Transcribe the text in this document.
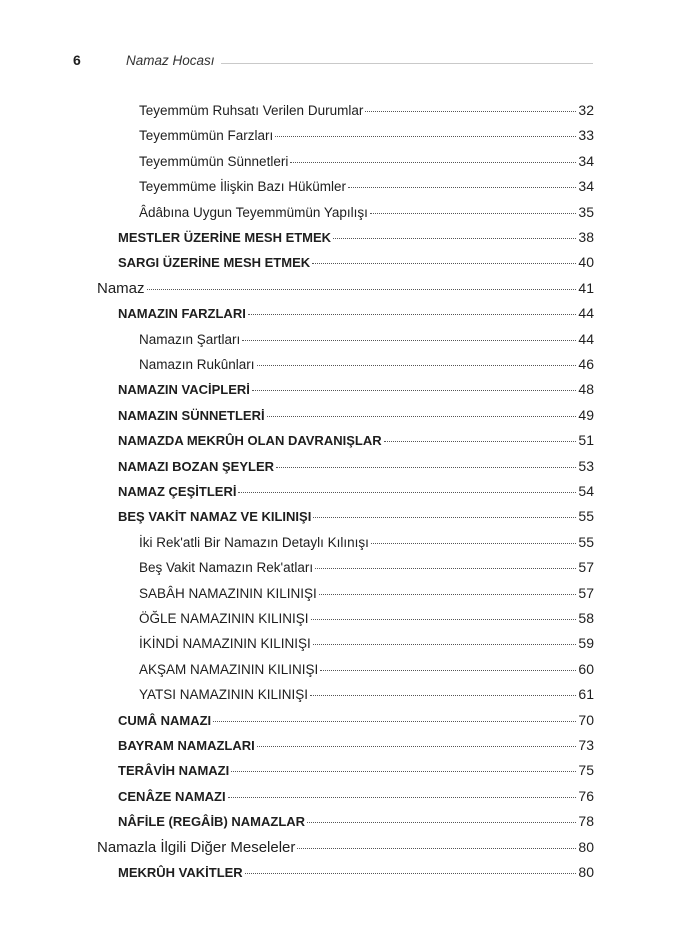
6	Namaz Hocası
Teyemmüm Ruhsatı Verilen Durumlar	32
Teyemmümün Farzları	33
Teyemmümün Sünnetleri	34
Teyemmüme İlişkin Bazı Hükümler	34
Âdâbına Uygun Teyemmümün Yapılışı	35
MESTLER ÜZERİNE MESH ETMEK	38
SARGI ÜZERİNE MESH ETMEK	40
Namaz	41
NAMAZIN FARZLARI	44
Namazın Şartları	44
Namazın Rukûnları	46
NAMAZIN VACİPLERİ	48
NAMAZIN SÜNNETLERİ	49
NAMAZDA MEKRÛH OLAN DAVRANIŞLAR	51
NAMAZI BOZAN ŞEYLER	53
NAMAZ ÇEŞİTLERİ	54
BEŞ VAKİT NAMAZ VE KILINIŞI	55
İki Rek'atli Bir Namazın Detaylı Kılınışı	55
Beş Vakit Namazın Rek'atları	57
SABÂH NAMAZININ KILINIŞI	57
ÖĞLE NAMAZININ KILINIŞI	58
İKİNDİ NAMAZININ KILINIŞI	59
AKŞAM NAMAZININ KILINIŞI	60
YATSI NAMAZININ KILINIŞI	61
CUMÂ NAMAZI	70
BAYRAM NAMAZLARI	73
TERÂVİH NAMAZI	75
CENÂZE NAMAZI	76
NÂFİLE (REGÂİB) NAMAZLAR	78
Namazla İlgili Diğer Meseleler	80
MEKRÛH VAKİTLER	80
